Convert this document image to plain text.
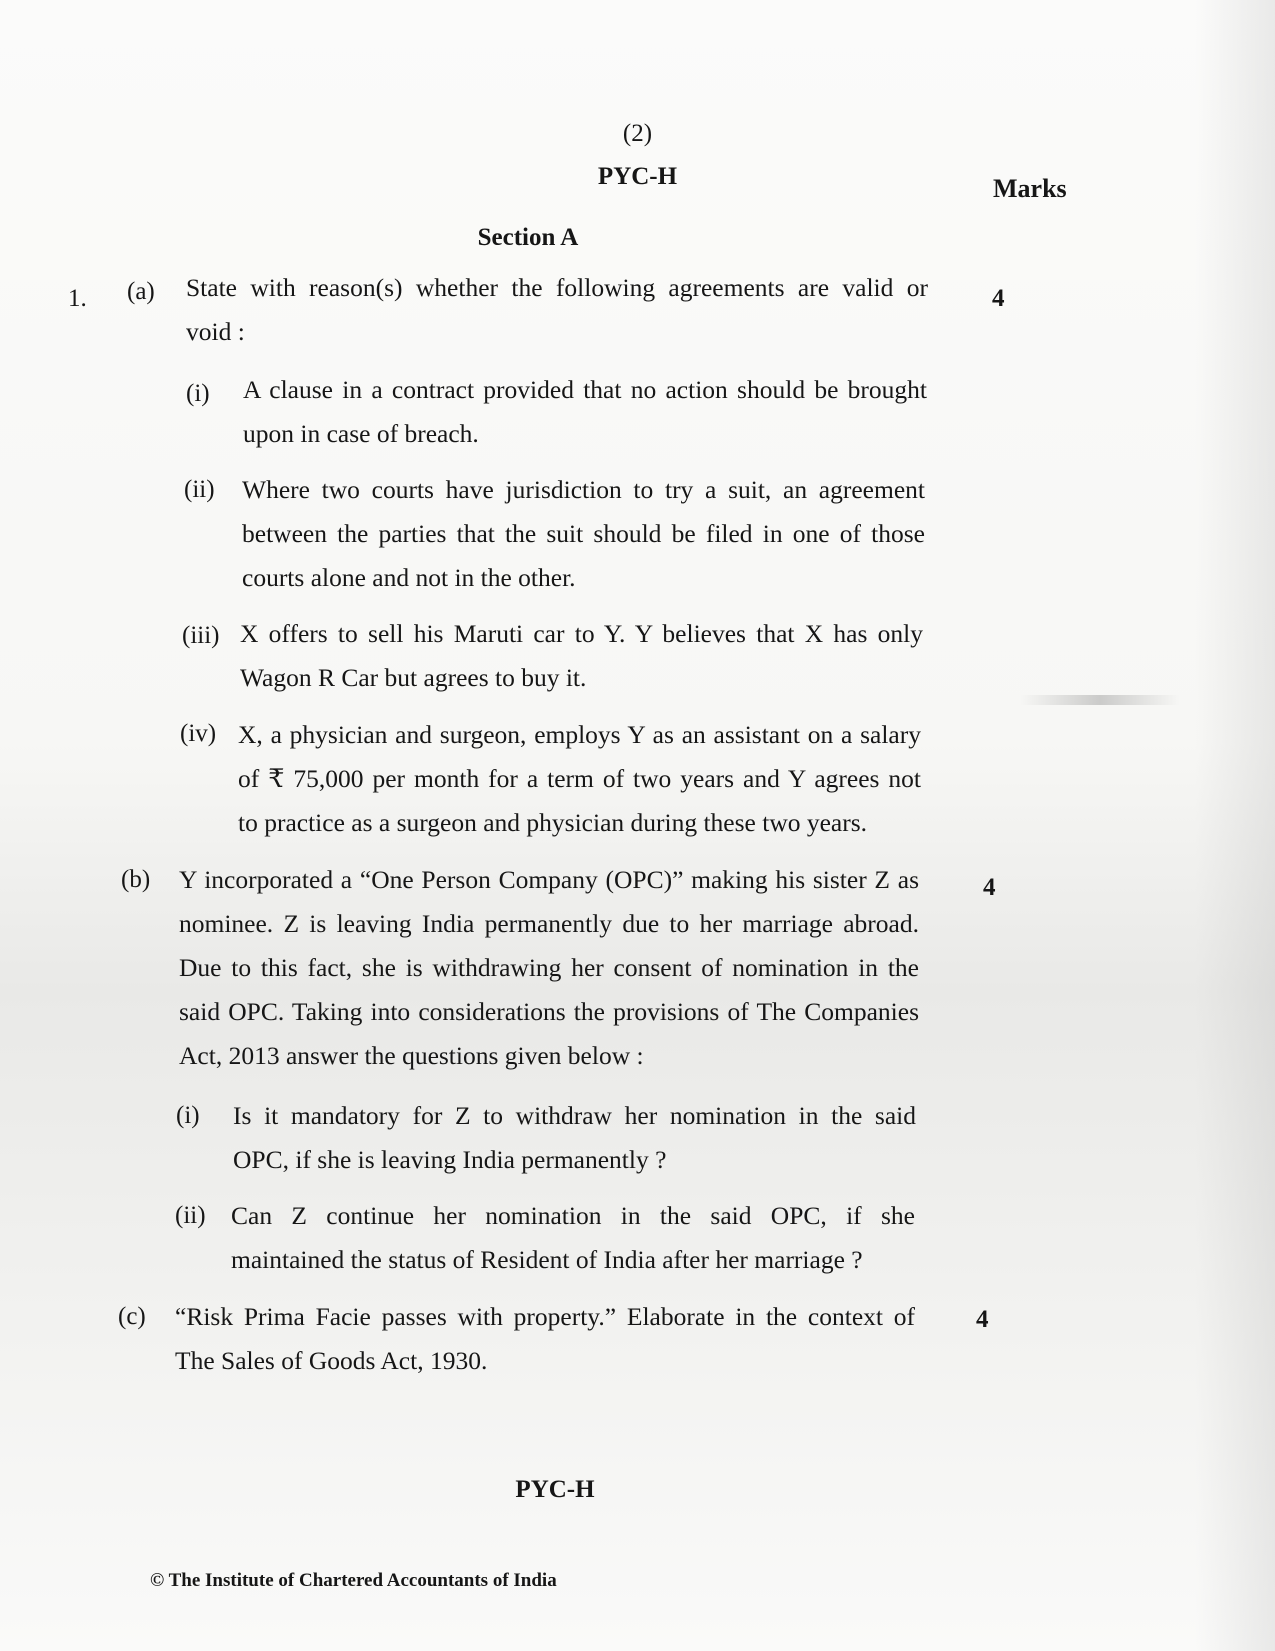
(2)
PYC-H	Marks
Section A
1. (a) State with reason(s) whether the following agreements are valid or
void :
4
(i) A clause in a contract provided that no action should be brought
upon in case of breach.
(ii) Where two courts have jurisdiction to try a suit, an agreement
between the parties that the suit should be filed in one of those
courts alone and not in the other.
(iii) X offers to sell his Maruti car to Y. Y believes that X has only
Wagon R Car but agrees to buy it.
(iv) X, a physician and surgeon, employs Y as an assistant on a salary
of ₹ 75,000 per month for a term of two years and Y agrees not
to practice as a surgeon and physician during these two years.
(b) Y incorporated a “One Person Company (OPC)” making his sister Z as
nominee. Z is leaving India permanently due to her marriage abroad.
Due to this fact, she is withdrawing her consent of nomination in the
said OPC. Taking into considerations the provisions of The Companies
Act, 2013 answer the questions given below :
4
(i) Is it mandatory for Z to withdraw her nomination in the said
OPC, if she is leaving India permanently ?
(ii) Can Z continue her nomination in the said OPC, if she
maintained the status of Resident of India after her marriage ?
(c) “Risk Prima Facie passes with property.” Elaborate in the context of
The Sales of Goods Act, 1930.
4
PYC-H
© The Institute of Chartered Accountants of India
